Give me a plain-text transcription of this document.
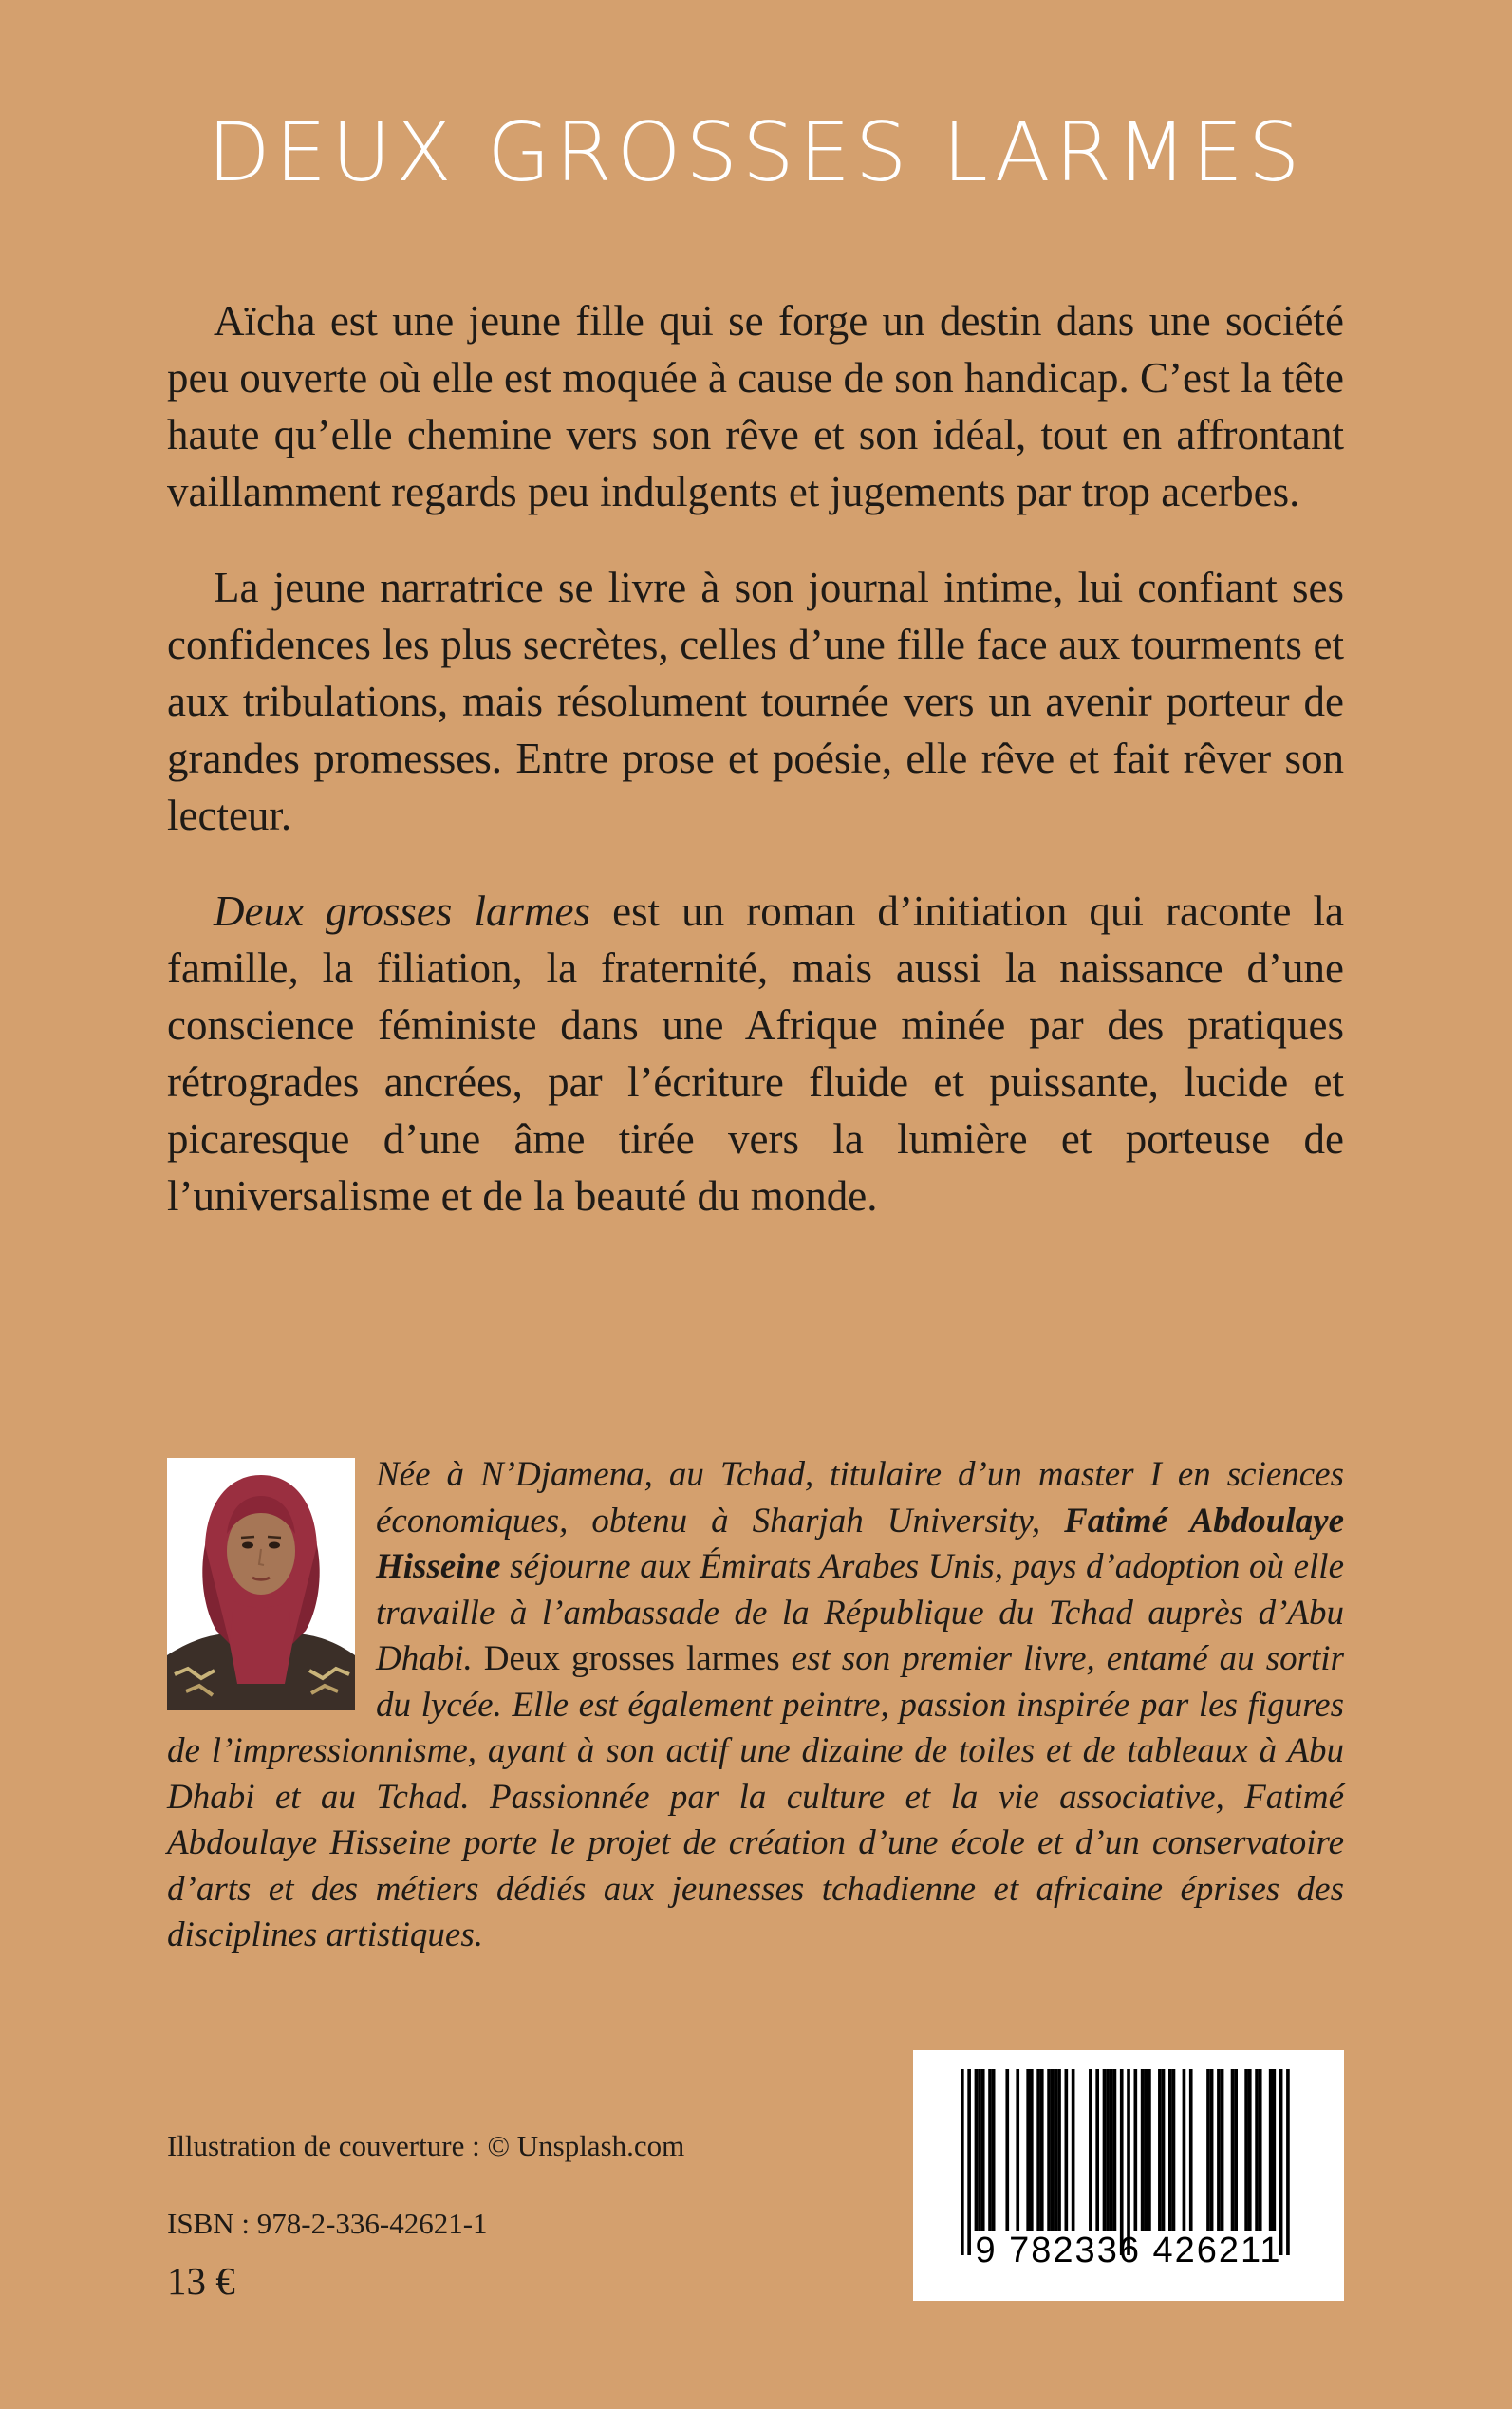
DEUX GROSSES LARMES

Aïcha est une jeune fille qui se forge un destin dans une société peu ouverte où elle est moquée à cause de son handicap. C’est la tête haute qu’elle chemine vers son rêve et son idéal, tout en affrontant vaillamment regards peu indulgents et jugements par trop acerbes.

La jeune narratrice se livre à son journal intime, lui confiant ses confidences les plus secrètes, celles d’une fille face aux tourments et aux tribulations, mais résolument tournée vers un avenir porteur de grandes promesses. Entre prose et poésie, elle rêve et fait rêver son lecteur.

Deux grosses larmes est un roman d’initiation qui raconte la famille, la filiation, la fraternité, mais aussi la naissance d’une conscience féministe dans une Afrique minée par des pratiques rétrogrades ancrées, par l’écriture fluide et puissante, lucide et picaresque d’une âme tirée vers la lumière et porteuse de l’universalisme et de la beauté du monde.

Née à N’Djamena, au Tchad, titulaire d’un master I en sciences économiques, obtenu à Sharjah University, Fatimé Abdoulaye Hisseine séjourne aux Émirats Arabes Unis, pays d’adoption où elle travaille à l’ambassade de la République du Tchad auprès d’Abu Dhabi. Deux grosses larmes est son premier livre, entamé au sortir du lycée. Elle est également peintre, passion inspirée par les figures de l’impressionnisme, ayant à son actif une dizaine de toiles et de tableaux à Abu Dhabi et au Tchad. Passionnée par la culture et la vie associative, Fatimé Abdoulaye Hisseine porte le projet de création d’une école et d’un conservatoire d’arts et des métiers dédiés aux jeunesses tchadienne et africaine éprises des disciplines artistiques.
Illustration de couverture : © Unsplash.com
ISBN : 978-2-336-42621-1
13 €
9 782336 426211
